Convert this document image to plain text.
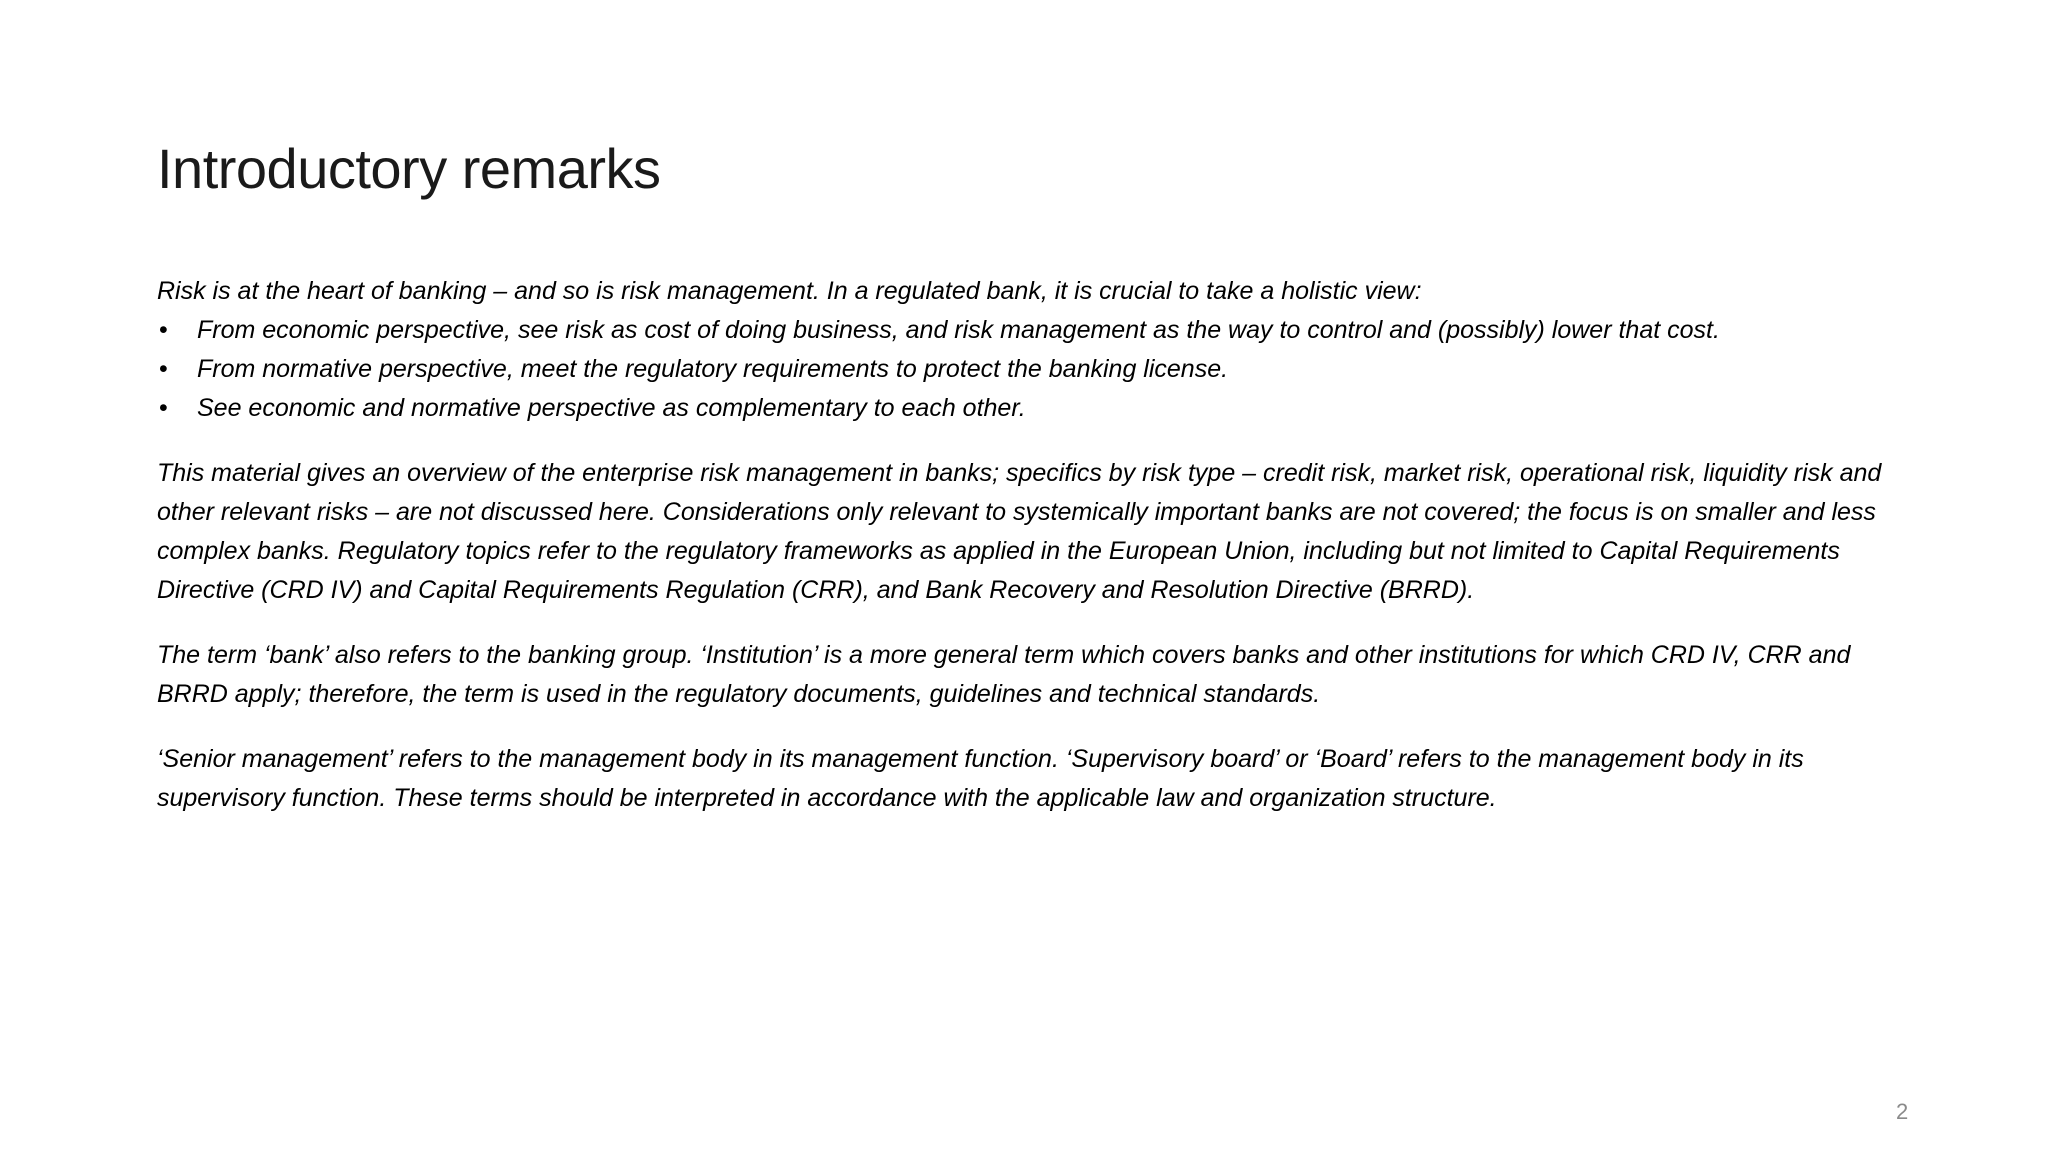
Introductory remarks

Risk is at the heart of banking – and so is risk management. In a regulated bank, it is crucial to take a holistic view:

• From economic perspective, see risk as cost of doing business, and risk management as the way to control and (possibly) lower that cost.
• From normative perspective, meet the regulatory requirements to protect the banking license.
• See economic and normative perspective as complementary to each other.

This material gives an overview of the enterprise risk management in banks; specifics by risk type – credit risk, market risk, operational risk, liquidity risk and other relevant risks – are not discussed here. Considerations only relevant to systemically important banks are not covered; the focus is on smaller and less complex banks. Regulatory topics refer to the regulatory frameworks as applied in the European Union, including but not limited to Capital Requirements Directive (CRD IV) and Capital Requirements Regulation (CRR), and Bank Recovery and Resolution Directive (BRRD).

The term ‘bank’ also refers to the banking group. ‘Institution’ is a more general term which covers banks and other institutions for which CRD IV, CRR and BRRD apply; therefore, the term is used in the regulatory documents, guidelines and technical standards.

‘Senior management’ refers to the management body in its management function. ‘Supervisory board’ or ‘Board’ refers to the management body in its supervisory function. These terms should be interpreted in accordance with the applicable law and organization structure.

2
